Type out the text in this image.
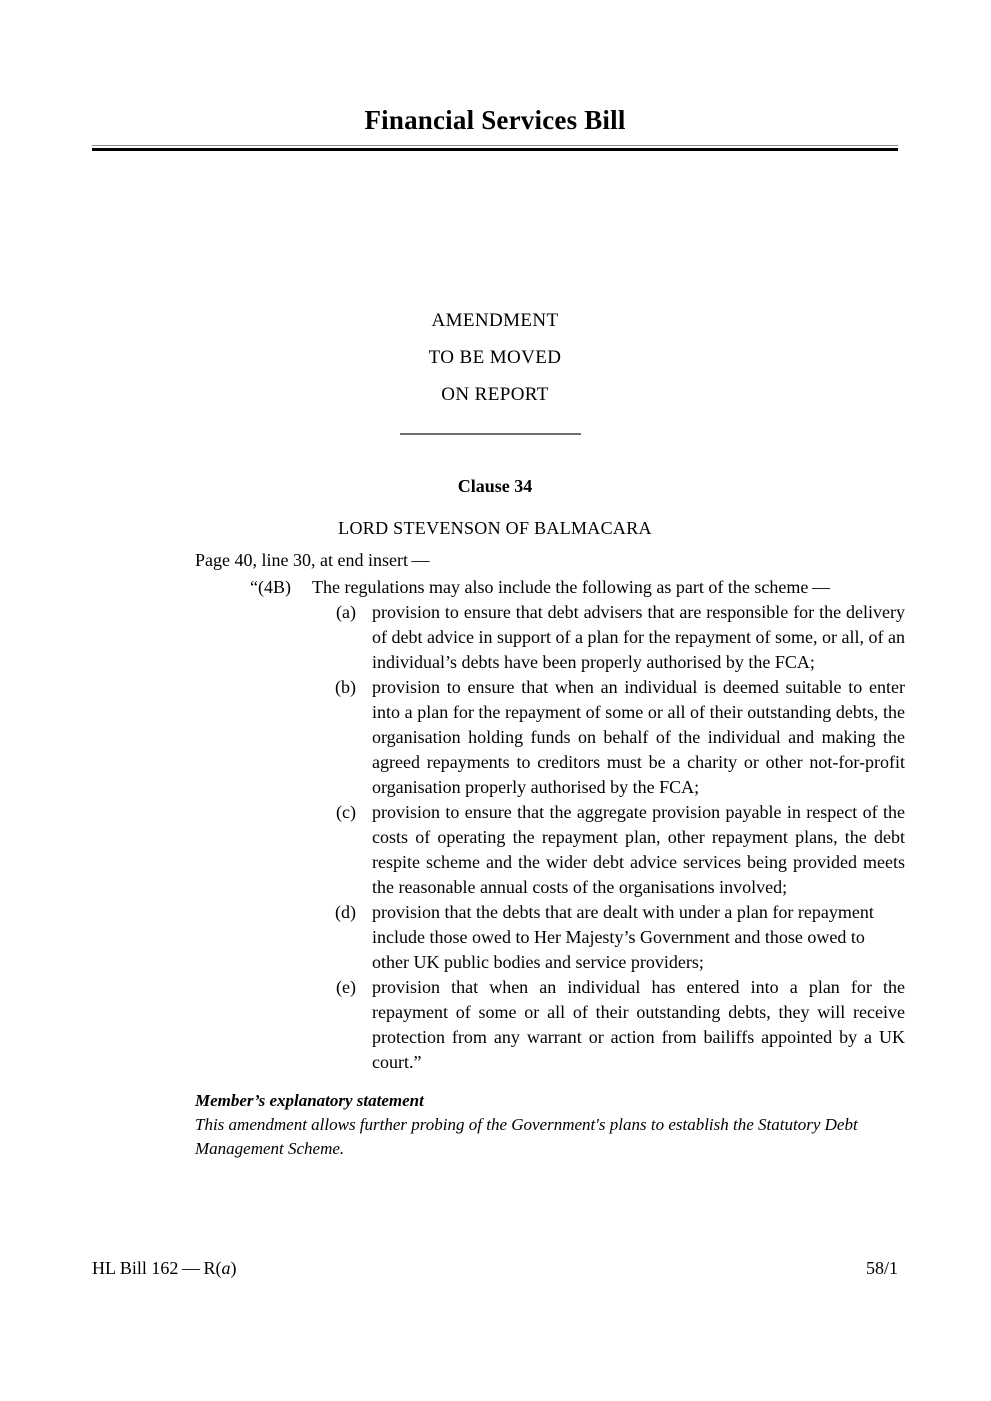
Financial Services Bill
AMENDMENT
TO BE MOVED
ON REPORT
Clause 34
LORD STEVENSON OF BALMACARA

Page 40, line 30, at end insert —

“(4B)	The regulations may also include the following as part of the scheme —
(a) provision to ensure that debt advisers that are responsible for the delivery of debt advice in support of a plan for the repayment of some, or all, of an individual’s debts have been properly authorised by the FCA;
(b) provision to ensure that when an individual is deemed suitable to enter into a plan for the repayment of some or all of their outstanding debts, the organisation holding funds on behalf of the individual and making the agreed repayments to creditors must be a charity or other not-for-profit organisation properly authorised by the FCA;
(c) provision to ensure that the aggregate provision payable in respect of the costs of operating the repayment plan, other repayment plans, the debt respite scheme and the wider debt advice services being provided meets the reasonable annual costs of the organisations involved;
(d) provision that the debts that are dealt with under a plan for repayment include those owed to Her Majesty’s Government and those owed to other UK public bodies and service providers;
(e) provision that when an individual has entered into a plan for the repayment of some or all of their outstanding debts, they will receive protection from any warrant or action from bailiffs appointed by a UK court.”
Member’s explanatory statement
This amendment allows further probing of the Government's plans to establish the Statutory Debt Management Scheme.
HL Bill 162 — R(a)	58/1
